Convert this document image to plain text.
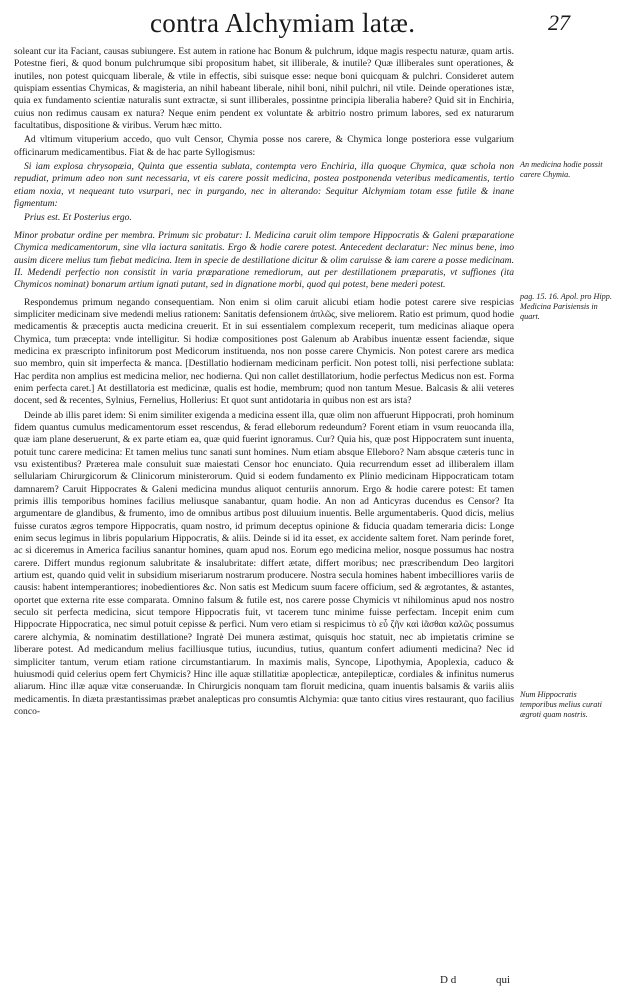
contra Alchymiam latæ.	27

soleant cur ita Faciant, causas subiungere. Est autem in ratione hac Bonum & pulchrum, idque magis respectu naturæ, quam artis. Potestne fieri, & quod bonum pulchrumque sibi propositum habet, sit illiberale, & inutile? Quæ illiberales sunt operationes, & inutiles, non potest quicquam liberale, & vtile in effectis, sibi suisque esse: neque boni quicquam & pulchri. Consideret autem quispiam essentias Chymicas, & magisteria, an nihil habeant liberale, nihil boni, nihil pulchri, nil vtile. Deinde operationes istæ, quia ex fundamento scientiæ naturalis sunt extractæ, si sunt illiberales, possintne principia liberalia habere? Quid sit in Enchiria, cuius non redimus causam ex natura? Neque enim pendent ex voluntate & arbitrio nostro primum labores, sed ex naturarum facultatibus, dispositione & viribus. Verum hæc mitto.

Ad vltimum vituperium accedo, quo vult Censor, Chymia posse nos carere, & Chymica longe posteriora esse vulgarium officinarum medicamentibus. Fiat & de hac parte Syllogismus:

Si iam explosa chrysopæia, Quinta que essentia sublata, contempta vero Enchiria, illa quoque Chymica, quæ schola non repudiat, primum adeo non sunt necessaria, vt eis carere possit medicina, postea postponenda veteribus medicamentis, tertio etiam noxia, vt nequeant tuto vsurpari, nec in purgando, nec in alterando: Sequitur Alchymiam totam esse futile & inane figmentum:

Prius est. Et Posterius ergo.

Minor probatur ordine per membra. Primum sic probatur: I. Medicina caruit olim tempore Hippocratis & Galeni præparatione Chymica medicamentorum, sine vlla iactura sanitatis. Ergo & hodie carere potest. Antecedent declaratur: Nec minus bene, imo ausim dicere melius tum fiebat medicina. Item in specie de destillatione dicitur & olim caruisse & iam carere a posse medicinam. II. Medendi perfectio non consistit in varia præparatione remediorum, aut per destillationem præparatis, vt suffiones (ita Chymicos nominat) bonarum artium ignati putant, sed in dignatione morbi, quod qui potest, bene mederi potest.

Respondemus primum negando consequentiam. Non enim si olim caruit alicubi etiam hodie potest carere sive respicias simpliciter medicinam sive medendi melius rationem: Sanitatis defensionem ἁπλῶς, sive meliorem. Ratio est primum, quod hodie medicamentis & præceptis aucta medicina creuerit. Et in sui essentialem complexum receperit, tum medicinas aliaque opera Chymica, tum præcepta: vnde intelligitur. Si hodiæ compositiones post Galenum ab Arabibus inuentæ essent faciendæ, sique medicina ex præscripto infinitorum post Medicorum instituenda, nos non posse carere Chymicis. Non potest carere ars medica suo membro, quin sit imperfecta & manca. [Destillatio hodiernam medicinam perficit. Non potest tolli, nisi perfectione sublata: Hac perdita non amplius est medicina melior, nec hodierna. Qui non callet destillatorium, hodie perfectus Medicus non est. Forma enim perfecta caret.] At destillatoria est medicinæ, qualis est hodie, membrum; quod non tantum Mesue. Balcasis & alii veteres docent, sed & recentes, Sylnius, Fernelius, Hollerius: Et quot sunt antidotaria in quibus non est ars ista?

Deinde ab illis paret idem: Si enim similiter exigenda a medicina essent illa, quæ olim non affuerunt Hippocrati, proh hominum fidem quantus cumulus medicamentorum esset rescendus, & ferad elleborum redeundum? Forent etiam in vsum reuocanda illa, quæ iam plane deseruerunt, & ex parte etiam ea, quæ quid fuerint ignoramus. Cur? Quia his, quæ post Hippocratem sunt inuenta, potuit tunc carere medicina: Et tamen melius tunc sanati sunt homines. Num etiam absque Elleboro? Nam absque cæteris tunc in vsu existentibus? Præterea male consuluit suæ maiestati Censor hoc enunciato. Quia recurrendum esset ad illiberalem illam sellulariam Chirurgicorum & Clinicorum ministerorum. Quid si eodem fundamento ex Plinio medicinam Hippocraticam totam damnarem? Caruit Hippocrates & Galeni medicina mundus aliquot centuriis annorum. Ergo & hodie carere potest: Et tamen primis illis temporibus homines facilius meliusque sanabantur, quam hodie. An non ad Anticyras ducendus es Censor? Ita argumentare de glandibus, & frumento, imo de omnibus artibus post diluuium inuentis. Belle argumentaberis. Quod dicis, melius fuisse curatos ægros tempore Hippocratis, quam nostro, id primum deceptus opinione & fiducia quadam temeraria dicis: Longe enim secus legimus in libris popularium Hippocratis, & aliis. Deinde si id ita esset, ex accidente saltem foret. Nam perinde foret, ac si diceremus in America facilius sanantur homines, quam apud nos. Eorum ego medicina melior, nosque possumus hac nostra carere. Differt mundus regionum salubritate & insalubritate: differt ætate, differt moribus; nec præscribendum Deo largitori artium est, quando quid velit in subsidium miseriarum nostrarum producere. Nostra secula homines habent imbecilliores variis de causis: habent intemperantiores; inobedientiores &c. Non satis est Medicum suum facere officium, sed & ægrotantes, & astantes, oportet que externa rite esse comparata. Omnino falsum & futile est, nos carere posse Chymicis vt nihilominus apud nos nostro seculo sit perfecta medicina, sicut tempore Hippocratis fuit, vt tacerem tunc minime fuisse perfectam. Incepit enim cum Hippocrate Hippocratica, nec simul potuit cepisse & perfici. Num vero etiam si respicimus τὸ εὖ ζῆν καὶ ἰᾶσθαι καλῶς possumus carere alchymia, & nominatim destillatione? Ingratè Dei munera æstimat, quisquis hoc statuit, nec ab impietatis crimine se liberare potest. Ad medicandum melius facilliusque tutius, iucundius, tutius, quantum confert adiumenti medicina? Nec id simpliciter tantum, verum etiam ratione circumstantiarum. In maximis malis, Syncope, Lipothymia, Apoplexia, caduco & huiusmodi quid celerius opem fert Chymicis? Hinc ille aquæ stillatitiæ apoplecticæ, antepilepticæ, cordiales & infinitus numerus aliarum. Hinc illæ aquæ vitæ conseruandæ. In Chirurgicis nonquam tam floruit medicina, quam inuentis balsamis & variis aliis medicamentis. In diæta præstantissimas præbet analepticas pro consumtis Alchymia: quæ tanto citius vires restaurant, quo facilius conco-

An medicina hodie possit carere Chymia.
pag. 15. 16. Apol. pro Hipp. Medicina Parisiensis in quart.
Num Hippocratis temporibus melius curati ægroti quam nostris.
D d	qui
